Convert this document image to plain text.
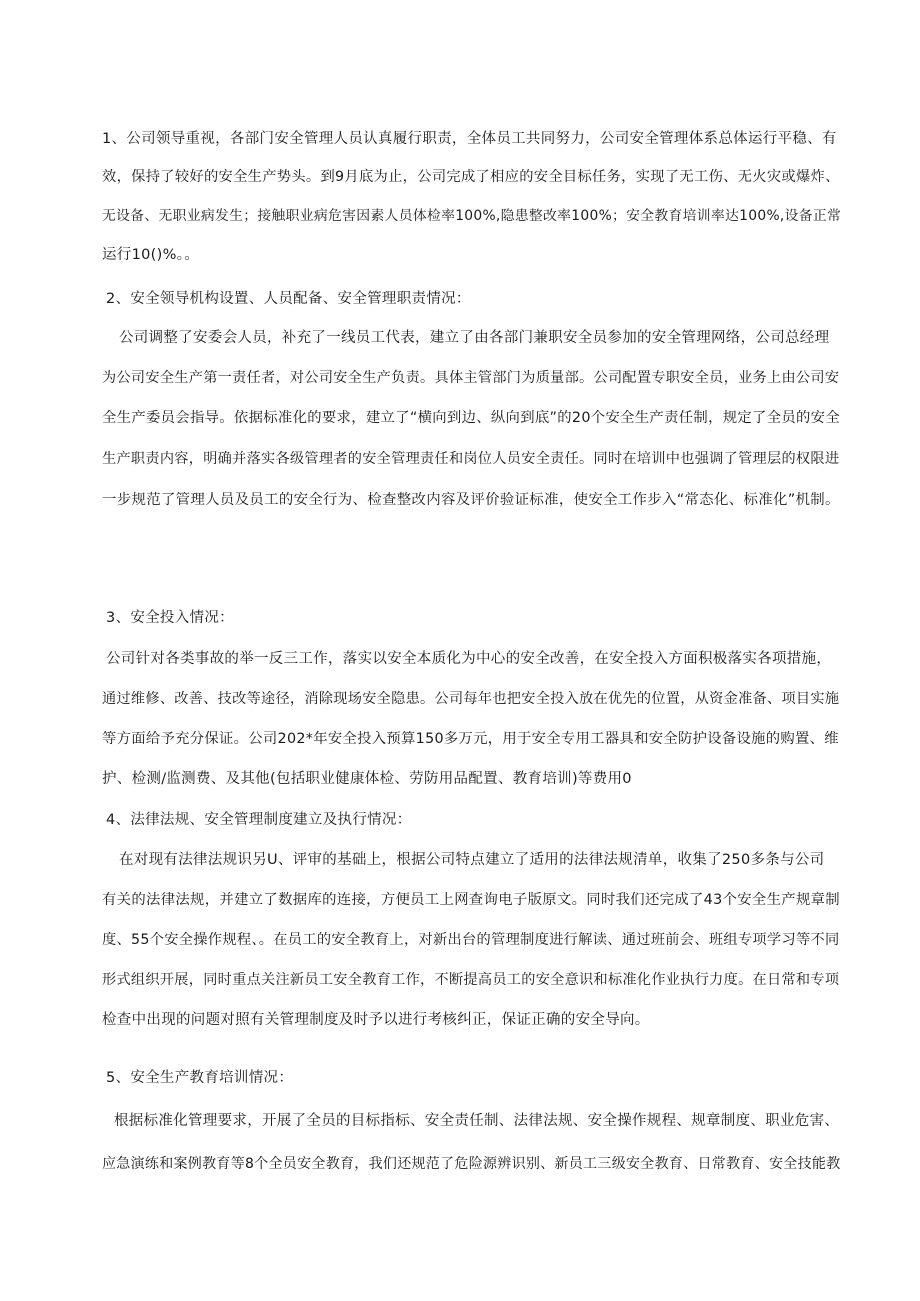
1、公司领导重视，各部门安全管理人员认真履行职责，全体员工共同努力，公司安全管理体系总体运行平稳、有
效，保持了较好的安全生产势头。到9月底为止，公司完成了相应的安全目标任务，实现了无工伤、无火灾或爆炸、
无设备、无职业病发生；接触职业病危害因素人员体检率100%,隐患整改率100%；安全教育培训率达100%,设备正常
运行10()%。。
2、安全领导机构设置、人员配备、安全管理职责情况：
公司调整了安委会人员，补充了一线员工代表，建立了由各部门兼职安全员参加的安全管理网络，公司总经理
为公司安全生产第一责任者，对公司安全生产负责。具体主管部门为质量部。公司配置专职安全员，业务上由公司安
全生产委员会指导。依据标准化的要求，建立了“横向到边、纵向到底”的20个安全生产责任制，规定了全员的安全
生产职责内容，明确并落实各级管理者的安全管理责任和岗位人员安全责任。同时在培训中也强调了管理层的权限进
一步规范了管理人员及员工的安全行为、检查整改内容及评价验证标准，使安全工作步入“常态化、标准化”机制。
3、安全投入情况：
公司针对各类事故的举一反三工作，落实以安全本质化为中心的安全改善，在安全投入方面积极落实各项措施，
通过维修、改善、技改等途径，消除现场安全隐患。公司每年也把安全投入放在优先的位置，从资金准备、项目实施
等方面给予充分保证。公司202*年安全投入预算150多万元，用于安全专用工器具和安全防护设备设施的购置、维
护、检测/监测费、及其他(包括职业健康体检、劳防用品配置、教育培训)等费用0
4、法律法规、安全管理制度建立及执行情况：
在对现有法律法规识另U、评审的基础上，根据公司特点建立了适用的法律法规清单，收集了250多条与公司
有关的法律法规，并建立了数据库的连接，方便员工上网查询电子版原文。同时我们还完成了43个安全生产规章制
度、55个安全操作规程、。在员工的安全教育上，对新出台的管理制度进行解读、通过班前会、班组专项学习等不同
形式组织开展，同时重点关注新员工安全教育工作，不断提高员工的安全意识和标准化作业执行力度。在日常和专项
检查中出现的问题对照有关管理制度及时予以进行考核纠正，保证正确的安全导向。
5、安全生产教育培训情况：
根据标准化管理要求，开展了全员的目标指标、安全责任制、法律法规、安全操作规程、规章制度、职业危害、
应急演练和案例教育等8个全员安全教育，我们还规范了危险源辨识别、新员工三级安全教育、日常教育、安全技能教
